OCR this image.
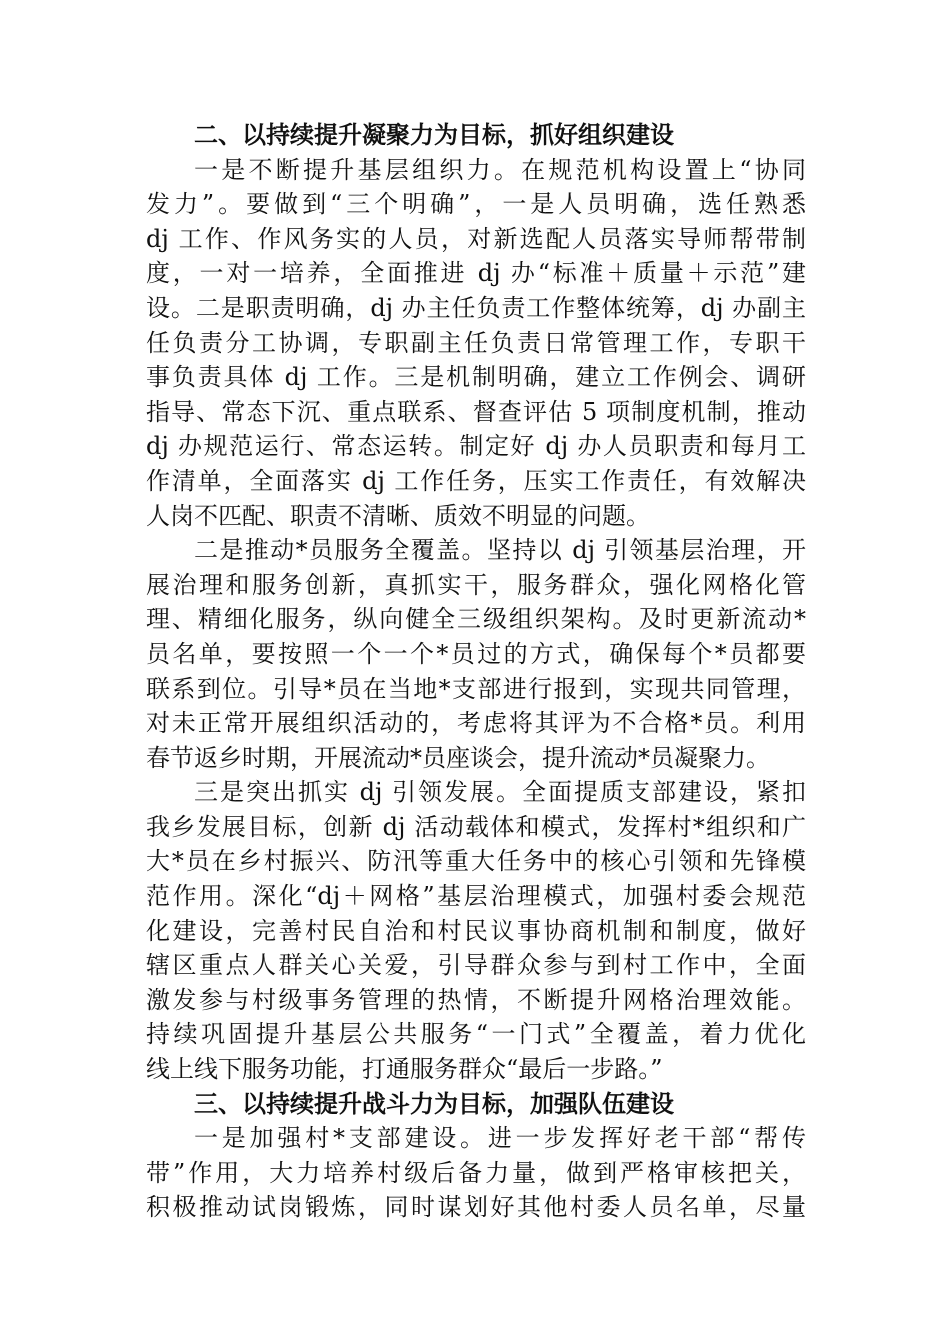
二、以持续提升凝聚力为目标，抓好组织建设
一是不断提升基层组织力。在规范机构设置上“协同
发力”。要做到“三个明确”，一是人员明确，选任熟悉
dj 工作、作风务实的人员，对新选配人员落实导师帮带制
度，一对一培养，全面推进 dj 办“标准＋质量＋示范”建
设。二是职责明确，dj 办主任负责工作整体统筹，dj 办副主
任负责分工协调，专职副主任负责日常管理工作，专职干
事负责具体 dj 工作。三是机制明确，建立工作例会、调研
指导、常态下沉、重点联系、督查评估 5 项制度机制，推动
dj 办规范运行、常态运转。制定好 dj 办人员职责和每月工
作清单，全面落实 dj 工作任务，压实工作责任，有效解决
人岗不匹配、职责不清晰、质效不明显的问题。
二是推动*员服务全覆盖。坚持以 dj 引领基层治理，开
展治理和服务创新，真抓实干，服务群众，强化网格化管
理、精细化服务，纵向健全三级组织架构。及时更新流动*
员名单，要按照一个一个*员过的方式，确保每个*员都要
联系到位。引导*员在当地*支部进行报到，实现共同管理，
对未正常开展组织活动的，考虑将其评为不合格*员。利用
春节返乡时期，开展流动*员座谈会，提升流动*员凝聚力。
三是突出抓实 dj 引领发展。全面提质支部建设，紧扣
我乡发展目标，创新 dj 活动载体和模式，发挥村*组织和广
大*员在乡村振兴、防汛等重大任务中的核心引领和先锋模
范作用。深化“dj＋网格”基层治理模式，加强村委会规范
化建设，完善村民自治和村民议事协商机制和制度，做好
辖区重点人群关心关爱，引导群众参与到村工作中，全面
激发参与村级事务管理的热情，不断提升网格治理效能。
持续巩固提升基层公共服务“一门式”全覆盖，着力优化
线上线下服务功能，打通服务群众“最后一步路。”
三、以持续提升战斗力为目标，加强队伍建设
一是加强村*支部建设。进一步发挥好老干部“帮传
带”作用，大力培养村级后备力量，做到严格审核把关，
积极推动试岗锻炼，同时谋划好其他村委人员名单，尽量
